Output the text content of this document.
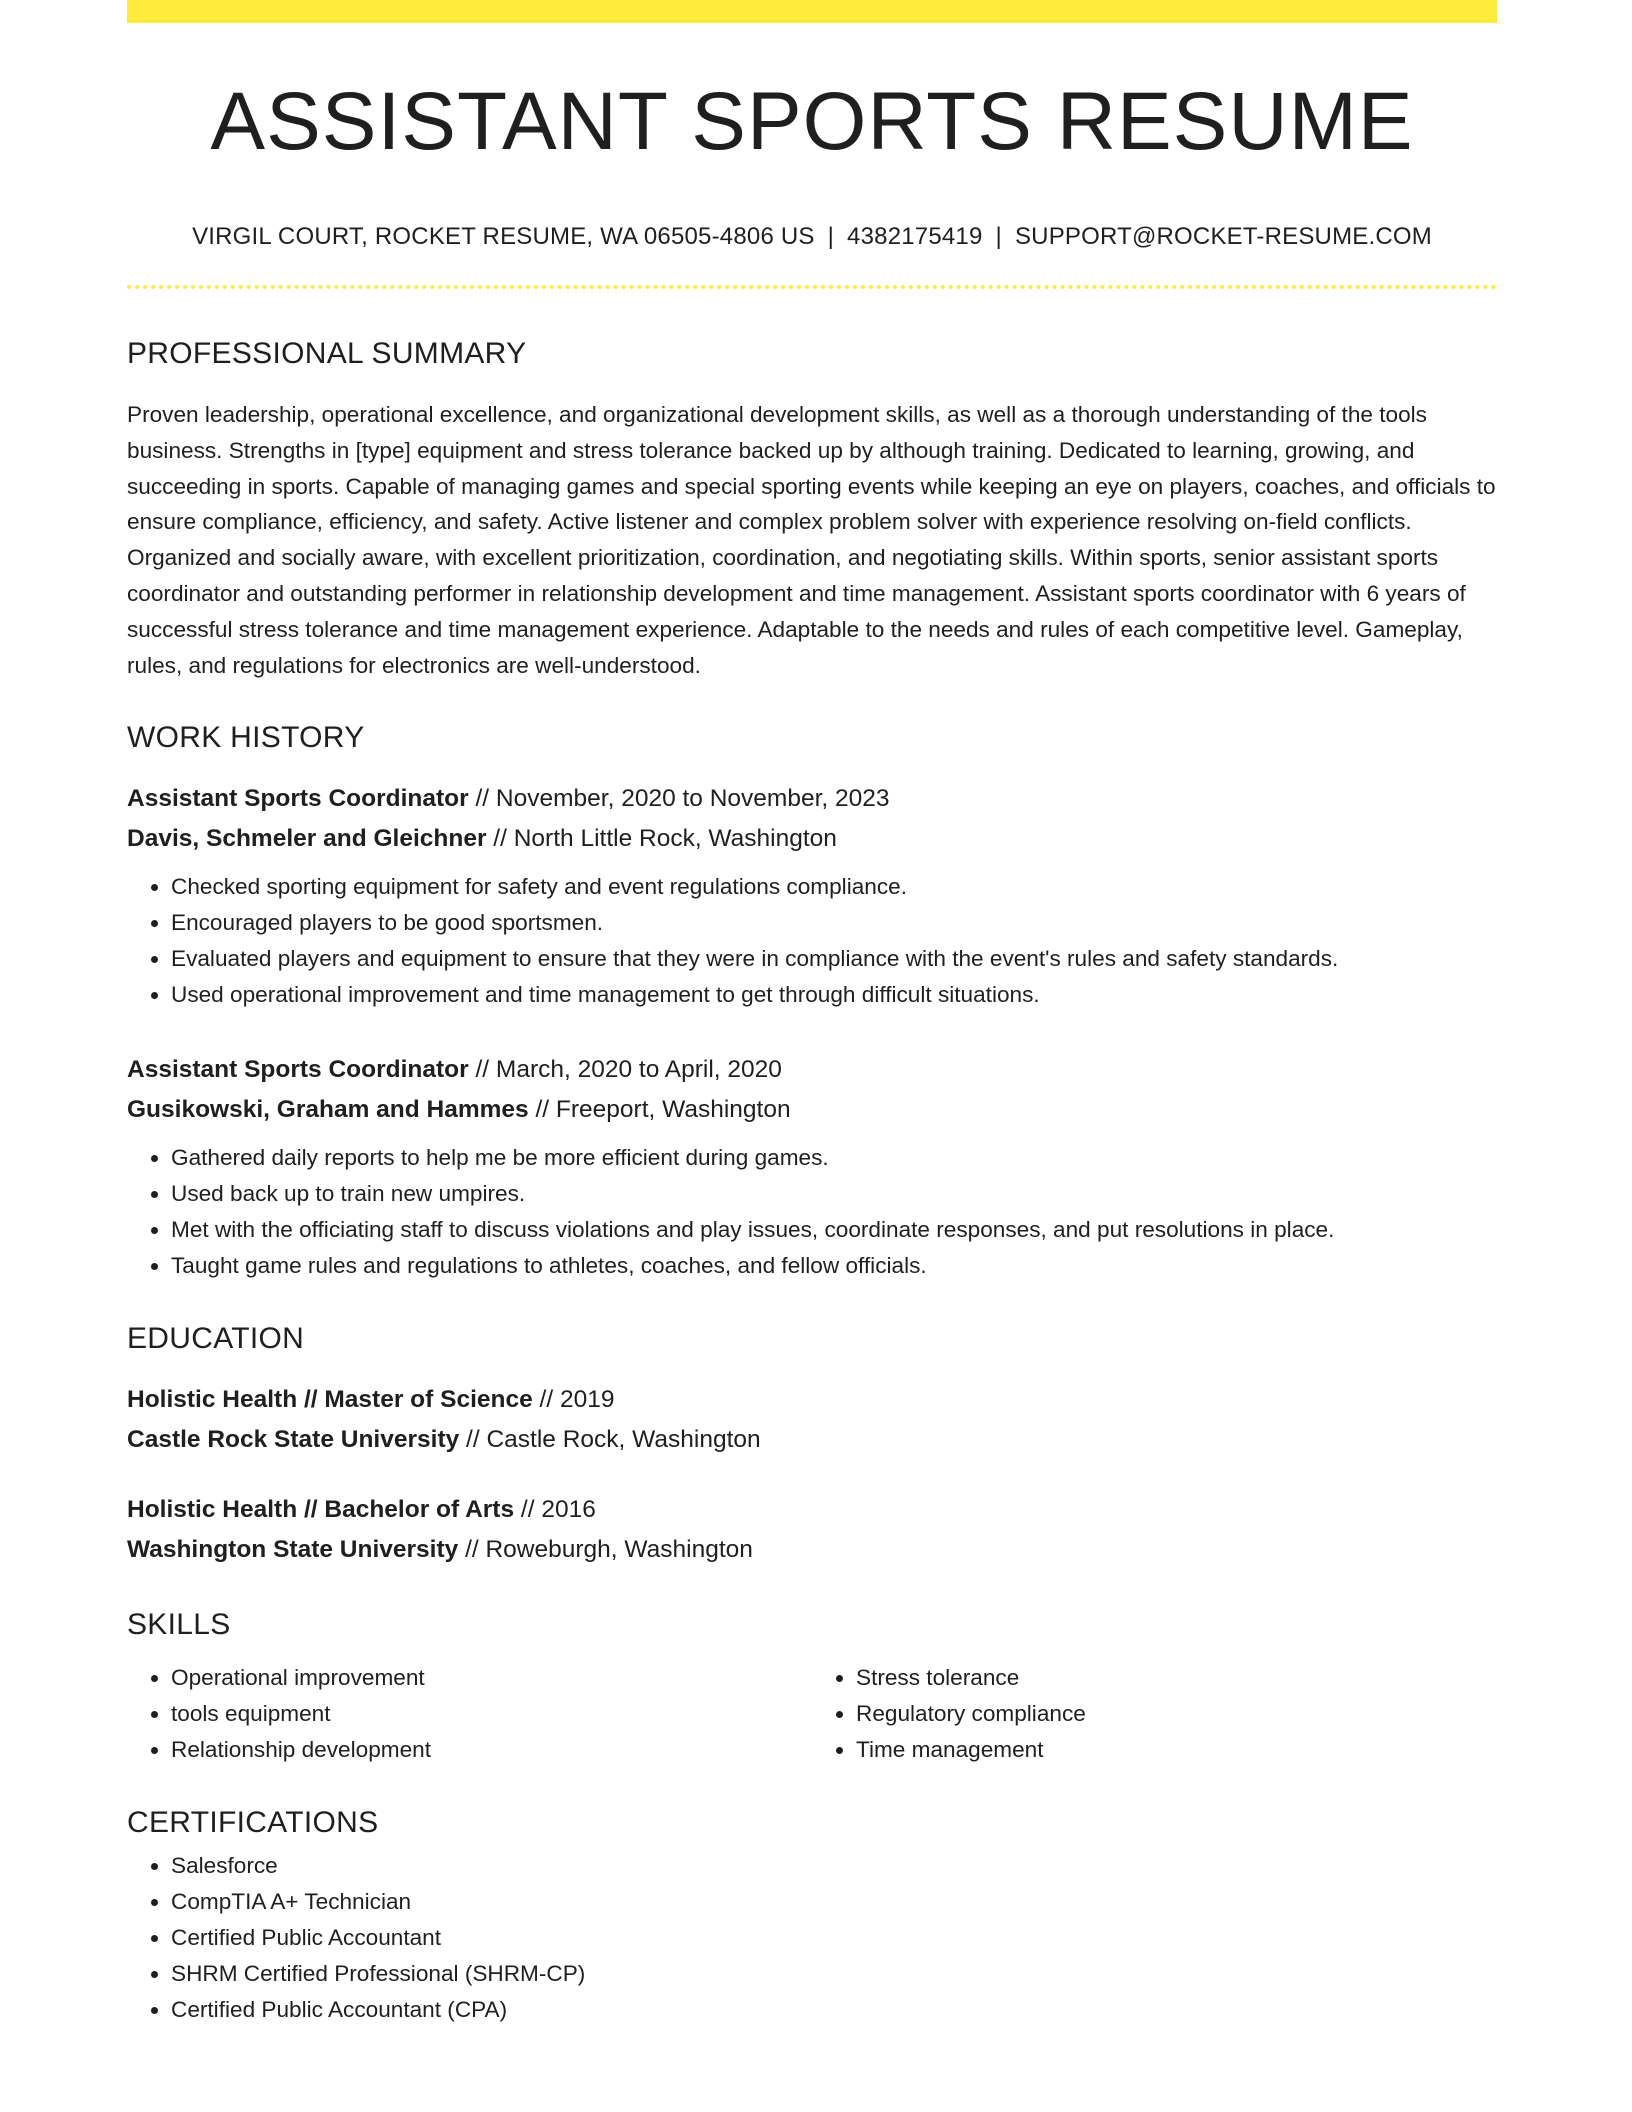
ASSISTANT SPORTS RESUME
VIRGIL COURT, ROCKET RESUME, WA 06505-4806 US | 4382175419 | SUPPORT@ROCKET-RESUME.COM
PROFESSIONAL SUMMARY
Proven leadership, operational excellence, and organizational development skills, as well as a thorough understanding of the tools business. Strengths in [type] equipment and stress tolerance backed up by although training. Dedicated to learning, growing, and succeeding in sports. Capable of managing games and special sporting events while keeping an eye on players, coaches, and officials to ensure compliance, efficiency, and safety. Active listener and complex problem solver with experience resolving on-field conflicts. Organized and socially aware, with excellent prioritization, coordination, and negotiating skills. Within sports, senior assistant sports coordinator and outstanding performer in relationship development and time management. Assistant sports coordinator with 6 years of successful stress tolerance and time management experience. Adaptable to the needs and rules of each competitive level. Gameplay, rules, and regulations for electronics are well-understood.
WORK HISTORY
Assistant Sports Coordinator // November, 2020 to November, 2023
Davis, Schmeler and Gleichner // North Little Rock, Washington
• Checked sporting equipment for safety and event regulations compliance.
• Encouraged players to be good sportsmen.
• Evaluated players and equipment to ensure that they were in compliance with the event's rules and safety standards.
• Used operational improvement and time management to get through difficult situations.
Assistant Sports Coordinator // March, 2020 to April, 2020
Gusikowski, Graham and Hammes // Freeport, Washington
• Gathered daily reports to help me be more efficient during games.
• Used back up to train new umpires.
• Met with the officiating staff to discuss violations and play issues, coordinate responses, and put resolutions in place.
• Taught game rules and regulations to athletes, coaches, and fellow officials.
EDUCATION
Holistic Health // Master of Science // 2019
Castle Rock State University // Castle Rock, Washington
Holistic Health // Bachelor of Arts // 2016
Washington State University // Roweburgh, Washington
SKILLS
• Operational improvement
• tools equipment
• Relationship development
• Stress tolerance
• Regulatory compliance
• Time management
CERTIFICATIONS
• Salesforce
• CompTIA A+ Technician
• Certified Public Accountant
• SHRM Certified Professional (SHRM-CP)
• Certified Public Accountant (CPA)
